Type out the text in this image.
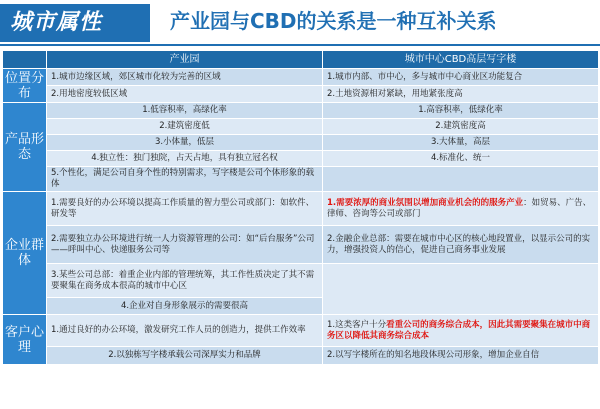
城市属性	产业园与CBD的关系是一种互补关系
	产业园	城市中心CBD高层写字楼
位置分布	1.城市边缘区域，郊区城市化较为完善的区域	1.城市内部、市中心，多与城市中心商业区功能复合
	2.用地密度较低区域	2.土地资源相对紧缺，用地紧张度高
产品形态	1.低容积率，高绿化率	1.高容积率，低绿化率
	2.建筑密度低	2.建筑密度高
	3.小体量，低层	3.大体量，高层
	4.独立性：独门独院，占天占地，具有独立冠名权	4.标准化、统一
	5.个性化，满足公司自身个性的特别需求，写字楼是公司个体形象的载体	
企业群体	1.需要良好的办公环境以提高工作质量的智力型公司或部门：如软件、研发等	1.需要浓厚的商业氛围以增加商业机会的的服务产业：如贸易、广告、律师、咨询等公司或部门
	2.需要独立办公环境进行统一人力资源管理的公司：如“后台服务”公司——呼叫中心、快递服务公司等	2.金融企业总部：需要在城市中心区的核心地段置业，以显示公司的实力，增强投资人的信心，促进自己商务事业发展
	3.某些公司总部：着重企业内部的管理统筹，其工作性质决定了其不需要聚集在商务成本很高的城市中心区	
	4.企业对自身形象展示的需要很高	
客户心理	1.通过良好的办公环境，激发研究工作人员的创造力，提供工作效率	1.这类客户十分看重公司的商务综合成本，因此其需要聚集在城市中商务区以降低其商务综合成本
	2.以独栋写字楼承载公司深厚实力和品牌	2.以写字楼所在的知名地段体现公司形象，增加企业自信
